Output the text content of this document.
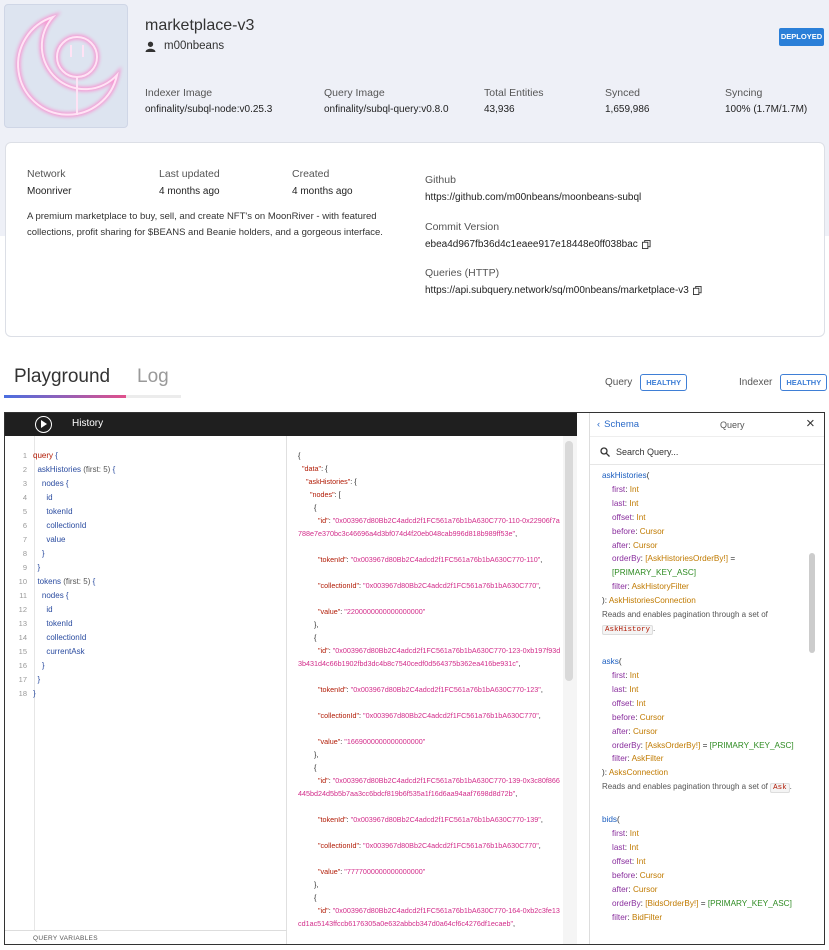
marketplace-v3
m00nbeans
DEPLOYED
Indexer Image
onfinality/subql-node:v0.25.3
Query Image
onfinality/subql-query:v0.8.0
Total Entities
43,936
Synced
1,659,986
Syncing
100% (1.7M/1.7M)
Network
Moonriver
Last updated
4 months ago
Created
4 months ago
A premium marketplace to buy, sell, and create NFT's on MoonRiver - with featured collections, profit sharing for $BEANS and Beanie holders, and a gorgeous interface.
Github
https://github.com/m00nbeans/moonbeans-subql
Commit Version
ebea4d967fb36d4c1eaee917e18448e0ff038bac
Queries (HTTP)
https://api.subquery.network/sq/m00nbeans/marketplace-v3
Playground Log	Query	HEALTHY	Indexer	HEALTHY
History
1
2
3
4
5
6
7
8
9
10
11
12
13
14
15
16
17
18
query {
askHistories (first: 5) {
nodes {
id
tokenId
collectionId
value
}
}
tokens (first: 5) {
nodes {
id
tokenId
collectionId
currentAsk
}
}
}
QUERY VARIABLES
{
"data": {
"askHistories": {
"nodes": [
{
"id": "0x003967d80Bb2C4adcd2f1FC561a76b1bA630C770-110-0x22906f7a788e7e370bc3c46696a4d3bf074d4f20eb048cab996d818b989ff53e",
"tokenId": "0x003967d80Bb2C4adcd2f1FC561a76b1bA630C770-110",
"collectionId": "0x003967d80Bb2C4adcd2f1FC561a76b1bA630C770",
"value": "2200000000000000000"
},
{
"id": "0x003967d80Bb2C4adcd2f1FC561a76b1bA630C770-123-0xb197f93d3b431d4c66b1902fbd3dc4b8c7540cedf0d564375b362ea416be931c",
"tokenId": "0x003967d80Bb2C4adcd2f1FC561a76b1bA630C770-123",
"collectionId": "0x003967d80Bb2C4adcd2f1FC561a76b1bA630C770",
"value": "1669000000000000000"
},
{
"id": "0x003967d80Bb2C4adcd2f1FC561a76b1bA630C770-139-0x3c80f866445bd24d5b5b7aa3cc6bdcf819b6f535a1f16d6aa94aaf7698d8d72b",
"tokenId": "0x003967d80Bb2C4adcd2f1FC561a76b1bA630C770-139",
"collectionId": "0x003967d80Bb2C4adcd2f1FC561a76b1bA630C770",
"value": "7777000000000000000"
},
{
"id": "0x003967d80Bb2C4adcd2f1FC561a76b1bA630C770-164-0xb2c3fe13cd1ac5143ffccb6176305a0e632abbcb347d0a64cf6c4276df1ecaeb",
‹ Schema	Query	×
Search Query...
askHistories(
first: Int
last: Int
offset: Int
before: Cursor
after: Cursor
orderBy: [AskHistoriesOrderBy!] = [PRIMARY_KEY_ASC]
filter: AskHistoryFilter
): AskHistoriesConnection
Reads and enables pagination through a set of AskHistory .
asks(
first: Int
last: Int
offset: Int
before: Cursor
after: Cursor
orderBy: [AsksOrderBy!] = [PRIMARY_KEY_ASC]
filter: AskFilter
): AsksConnection
Reads and enables pagination through a set of Ask .
bids(
first: Int
last: Int
offset: Int
before: Cursor
after: Cursor
orderBy: [BidsOrderBy!] = [PRIMARY_KEY_ASC]
filter: BidFilter
